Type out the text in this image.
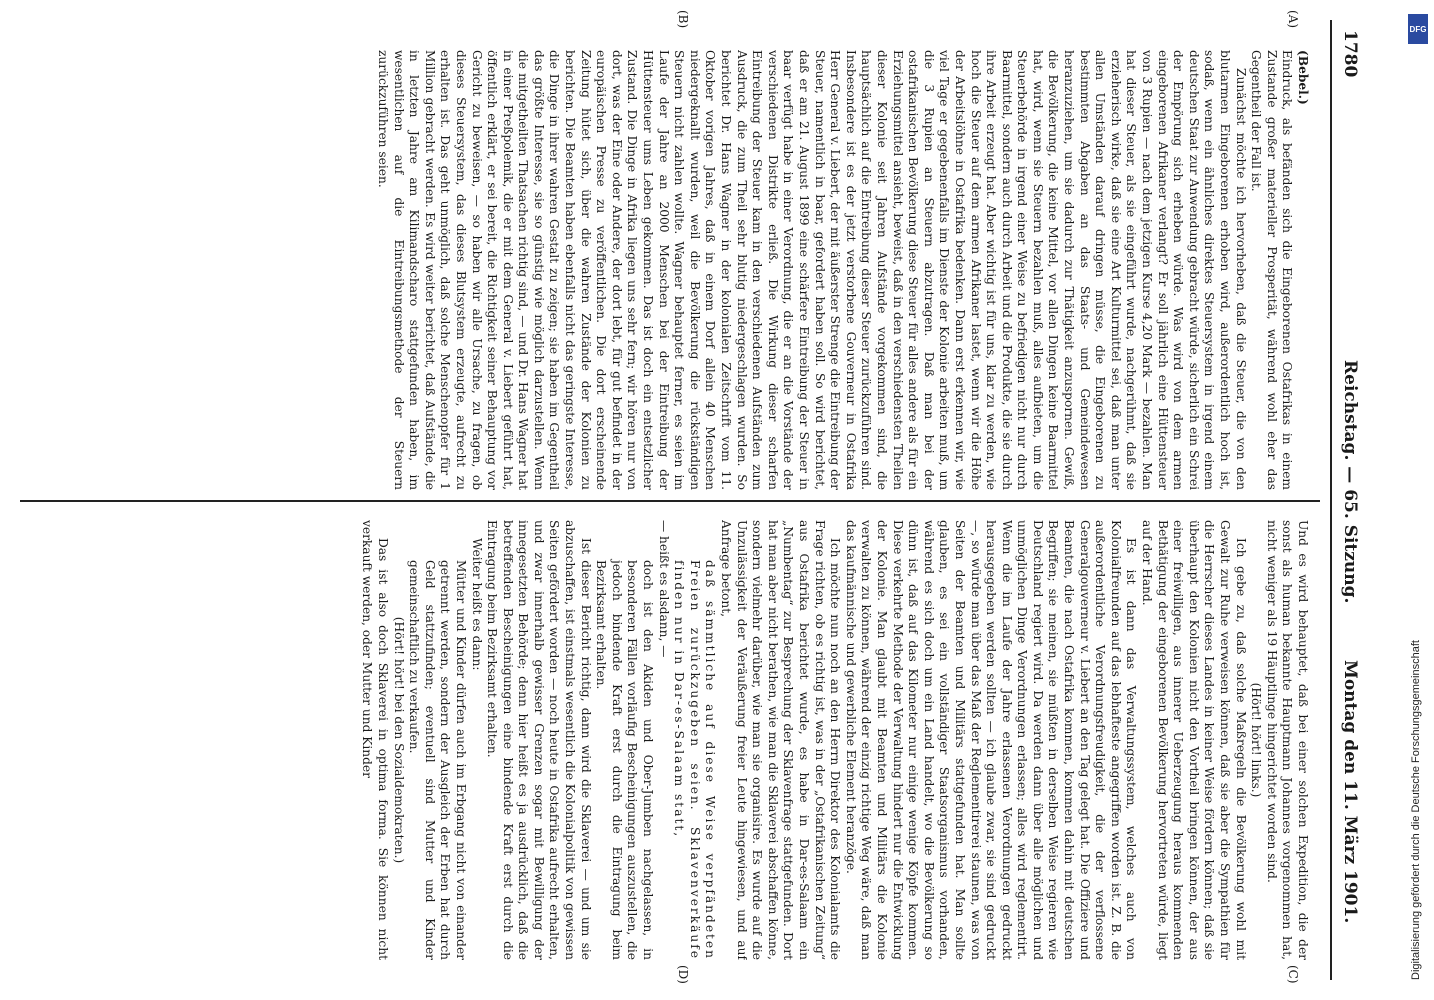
1780
Reichstag. — 65. Sitzung.
Montag den 11. März 1901.
(A)
(B)
(C)
(D)

(Bebel.)

Eindruck, als befänden sich die Eingeborenen Ostafrikas in einem Zustande großer materieller Prosperität, während wohl eher das Gegentheil der Fall ist.

Zunächst möchte ich hervorheben, daß die Steuer, die von den blutarmen Eingeborenen erhoben wird, außerordentlich hoch ist, sodaß, wenn ein ähnliches direktes Steuersystem in irgend einem deutschen Staat zur Anwendung gebracht würde, sicherlich ein Schrei der Empörung sich erheben würde. Was wird von dem armen eingeborenen Afrikaner verlangt? Er soll jährlich eine Hüttensteuer von 3 Rupien — nach dem jetzigen Kurse 4,20 Mark — bezahlen. Man hat dieser Steuer, als sie eingeführt wurde, nachgerühmt, daß sie erzieherisch wirke, daß sie eine Art Kulturmittel sei, daß man unter allen Umständen darauf dringen müsse, die Eingeborenen zu bestimmten Abgaben an das Staats- und Gemeindewesen heranzuziehen, um sie dadurch zur Thätigkeit anzuspornen. Gewiß, die Bevölkerung, die keine Mittel, vor allen Dingen keine Baarmittel hat, wird, wenn sie Steuern bezahlen muß, alles aufbieten, um die Steuerbehörde in irgend einer Weise zu befriedigen nicht nur durch Baarmittel, sondern auch durch Arbeit und die Produkte, die sie durch ihre Arbeit erzeugt hat. Aber wichtig ist für uns, klar zu werden, wie hoch die Steuer auf dem armen Afrikaner lastet, wenn wir die Höhe der Arbeitslöhne in Ostafrika bedenken. Dann erst erkennen wir, wie viel Tage er gegebenenfalls im Dienste der Kolonie arbeiten muß, um die 3 Rupien an Steuern abzutragen. Daß man bei der ostafrikanischen Bevölkerung diese Steuer für alles andere als für ein Erziehungsmittel ansieht, beweist, daß in den verschiedensten Theilen dieser Kolonie seit Jahren Aufstände vorgekommen sind, die hauptsächlich auf die Eintreibung dieser Steuer zurückzuführen sind. Insbesondere ist es der jetzt verstorbene Gouverneur in Ostafrika Herr General v. Liebert, der mit äußerster Strenge die Eintreibung der Steuer, namentlich in baar, gefordert haben soll. So wird berichtet, daß er am 21. August 1899 eine schärfere Eintreibung der Steuer in baar verfügt habe in einer Verordnung, die er an die Vorstände der verschiedenen Distrikte erließ. Die Wirkung dieser scharfen Eintreibung der Steuer kam in den verschiedenen Aufständen zum Ausdruck, die zum Theil sehr blutig niedergeschlagen wurden. So berichtet Dr. Hans Wagner in der kolonialen Zeitschrift vom 11. Oktober vorigen Jahres, daß in einem Dorf allein 40 Menschen niedergeknallt wurden, weil die Bevölkerung die rückständigen Steuern nicht zahlen wollte. Wagner behauptet ferner, es seien im Laufe der Jahre an 2000 Menschen bei der Eintreibung der Hüttensteuer ums Leben gekommen. Das ist doch ein entsetzlicher Zustand. Die Dinge in Afrika liegen uns sehr fern; wir hören nur von dort, was der Eine oder Andere, der dort lebt, für gut befindet in der europäischen Presse zu veröffentlichen. Die dort erscheinende Zeitung hütet sich, über die wahren Zustände der Kolonien zu berichten. Die Beamten haben ebenfalls nicht das geringste Interesse, die Dinge in ihrer wahren Gestalt zu zeigen; sie haben im Gegentheil das größte Interesse, sie so günstig wie möglich darzustellen. Wenn die mitgetheilten Thatsachen richtig sind, — und Dr. Hans Wagner hat in einer Preßpolemik, die er mit dem General v. Liebert geführt hat, öffentlich erklärt, er sei bereit, die Richtigkeit seiner Behauptung vor Gericht zu beweisen, — so haben wir alle Ursache, zu fragen, ob dieses Steuersystem, das dieses Blutsystem erzeugte, aufrecht zu erhalten ist. Das geht unmöglich, daß solche Menschenopfer für 1 Million gebracht werden. Es wird weiter berichtet, daß Aufstände, die in letzten Jahre am Kilimandscharo stattgefunden haben, im wesentlichen auf die Eintreibungsmethode der Steuern zurückzuführen seien.

Und es wird behauptet, daß bei einer solchen Expedition, die der sonst als human bekannte Hauptmann Johannes vorgenommen hat, nicht weniger als 19 Häuptlinge hingerichtet worden sind.

(Hört! hört! links.)

Ich gebe zu, daß solche Maßregeln die Bevölkerung wohl mit Gewalt zur Ruhe verweisen können, daß sie aber die Sympathien für die Herrscher dieses Landes in keiner Weise fördern können; daß sie überhaupt den Kolonien nicht den Vortheil bringen können, der aus einer freiwilligen, aus innerer Ueberzeugung heraus kommenden Bethätigung der eingeborenen Bevölkerung hervortreten würde, liegt auf der Hand.

Es ist dann das Verwaltungssystem, welches auch von Kolonialfreunden auf das lebhafteste angegriffen worden ist. Z. B. die außerordentliche Verordnungsfreudigkeit, die der verflossene Generalgouverneur v. Liebert an den Tag gelegt hat. Die Offiziere und Beamten, die nach Ostafrika kommen, kommen dahin mit deutschen Begriffen; sie meinen, sie müßten in derselben Weise regieren wie Deutschland regiert wird. Da werden dann über alle möglichen und unmöglichen Dinge Verordnungen erlassen; alles wird reglementirt. Wenn die im Laufe der Jahre erlassenen Verordnungen gedruckt herausgegeben werden sollten — ich glaube zwar, sie sind gedruckt —, so würde man über das Maß der Reglementirerei staunen, was von Seiten der Beamten und Militärs stattgefunden hat. Man sollte glauben, es sei ein vollständiger Staatsorganismus vorhanden, während es sich doch um ein Land handelt, wo die Bevölkerung so dünn ist, daß auf das Kilometer nur einige wenige Köpfe kommen. Diese verkehrte Methode der Verwaltung hindert nur die Entwicklung der Kolonie. Man glaubt mit Beamten und Militärs die Kolonie verwalten zu können, während der einzig richtige Weg wäre, daß man das kaufmännische und gewerbliche Element heranzöge.

Ich möchte nun noch an den Herrn Direktor des Kolonialamts die Frage richten, ob es richtig ist, was in der „Ostafrikanischen Zeitung“ aus Ostafrika berichtet wurde, es habe in Dar-es-Salaam ein „Numbentag“ zur Besprechung der Sklavenfrage stattgefunden. Dort hat man aber nicht berathen, wie man die Sklaverei abschaffen könne, sondern vielmehr darüber, wie man sie organisire. Es wurde auf die Unzulässigkeit der Veräußerung freier Leute hingewiesen, und auf Anfrage betont,

daß sämmtliche auf diese Weise verpfändeten Freien zurückzugeben seien. Sklavenverkäufe finden nur in Dar-es-Salaam statt,

— heißt es alsdann, —

doch ist den Akiden und Ober-Jumben nachgelassen, in besonderen Fällen vorläufig Bescheinigungen auszustellen, die jedoch bindende Kraft erst durch die Eintragung beim Bezirksamt erhalten.

Ist dieser Bericht richtig, dann wird die Sklaverei — und um sie abzuschaffen, ist einstmals wesentlich die Kolonialpolitik von gewissen Seiten gefördert worden — noch heute in Ostafrika aufrecht erhalten, und zwar innerhalb gewisser Grenzen sogar mit Bewilligung der innegesetzten Behörde; denn hier heißt es ja ausdrücklich, daß die betreffenden Bescheinigungen eine bindende Kraft erst durch die Eintragung beim Bezirksamt erhalten.

Weiter heißt es dann:

Mütter und Kinder dürfen auch im Erbgang nicht von einander getrennt werden, sondern der Ausgleich der Erben hat durch Geld stattzufinden; eventuell sind Mutter und Kinder gemeinschaftlich zu verkaufen.

(Hört! hört! bei den Sozialdemokraten.)

Das ist also doch Sklaverei in optima forma. Sie können nicht verkauft werden, oder Mutter und Kinder

DFG
Digitalisierung gefördert durch die Deutsche Forschungsgemeinschaft
